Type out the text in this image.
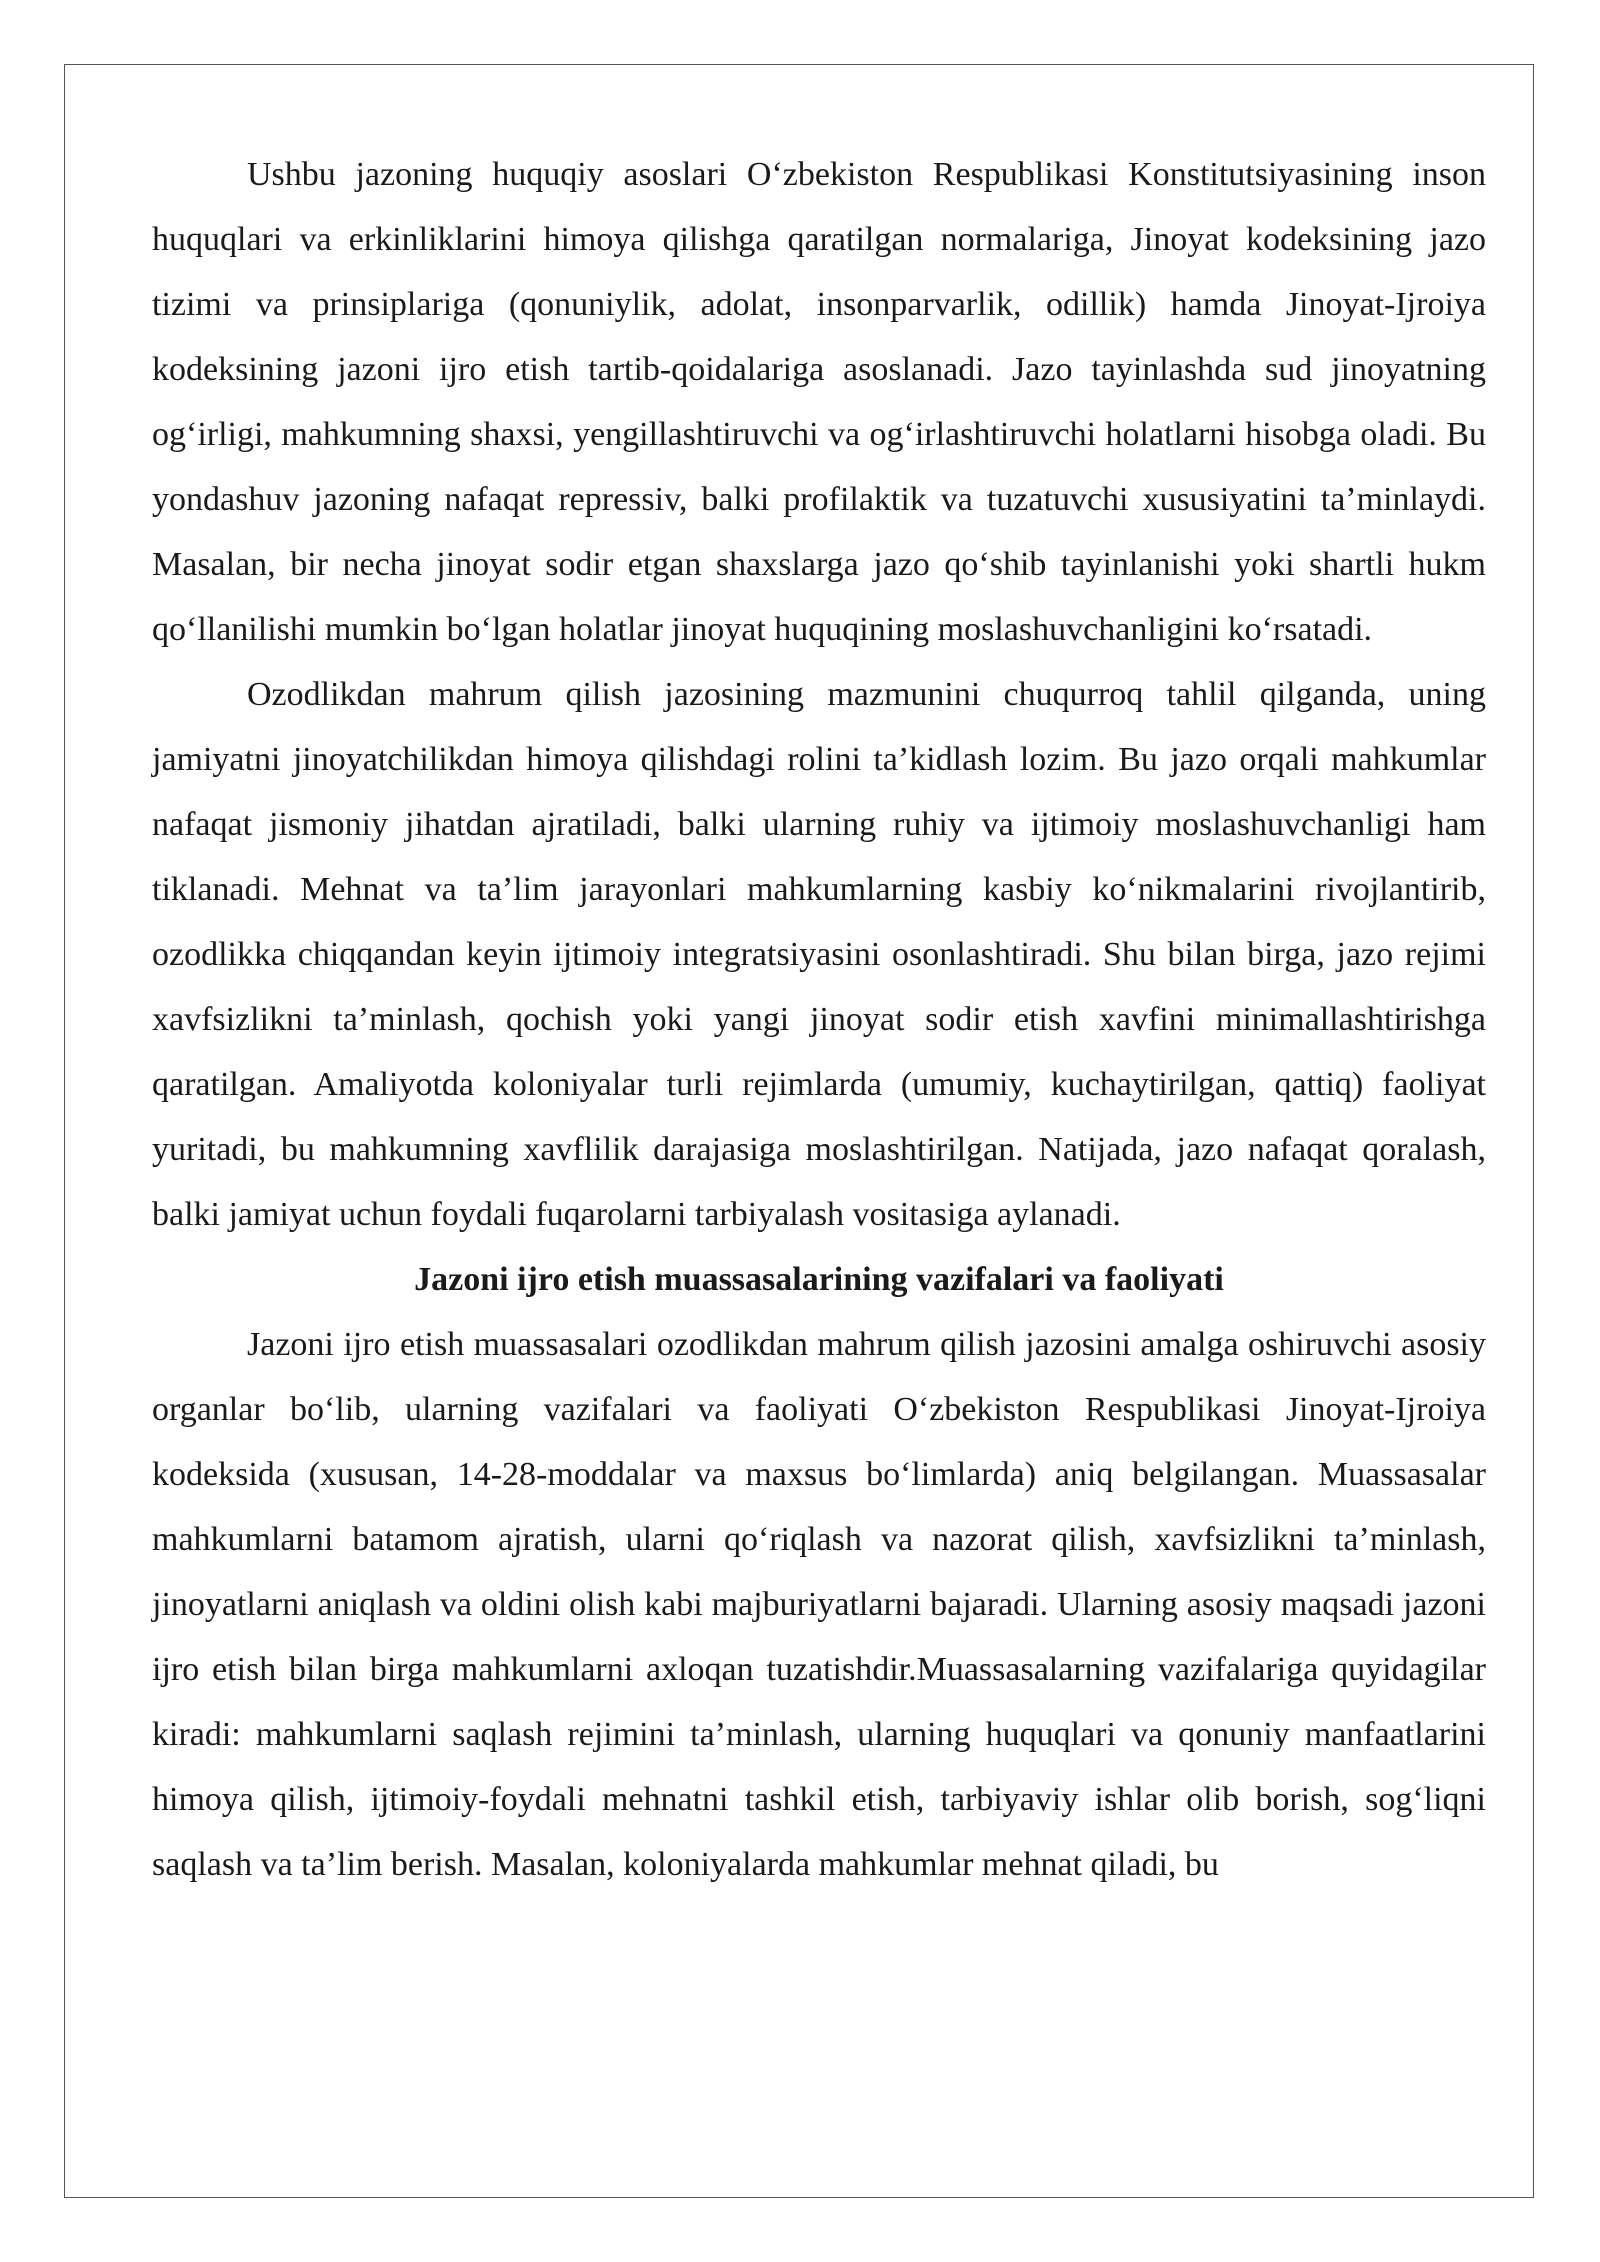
Ushbu jazoning huquqiy asoslari O‘zbekiston Respublikasi Konstitutsiyasining inson huquqlari va erkinliklarini himoya qilishga qaratilgan normalariga, Jinoyat kodeksining jazo tizimi va prinsiplariga (qonuniylik, adolat, insonparvarlik, odillik) hamda Jinoyat-Ijroiya kodeksining jazoni ijro etish tartib-qoidalariga asoslanadi. Jazo tayinlashda sud jinoyatning og‘irligi, mahkumning shaxsi, yengillashtiruvchi va og‘irlashtiruvchi holatlarni hisobga oladi. Bu yondashuv jazoning nafaqat repressiv, balki profilaktik va tuzatuvchi xususiyatini ta’minlaydi. Masalan, bir necha jinoyat sodir etgan shaxslarga jazo qo‘shib tayinlanishi yoki shartli hukm qo‘llanilishi mumkin bo‘lgan holatlar jinoyat huquqining moslashuvchanligini ko‘rsatadi.

Ozodlikdan mahrum qilish jazosining mazmunini chuqurroq tahlil qilganda, uning jamiyatni jinoyatchilikdan himoya qilishdagi rolini ta’kidlash lozim. Bu jazo orqali mahkumlar nafaqat jismoniy jihatdan ajratiladi, balki ularning ruhiy va ijtimoiy moslashuvchanligi ham tiklanadi. Mehnat va ta’lim jarayonlari mahkumlarning kasbiy ko‘nikmalarini rivojlantirib, ozodlikka chiqqandan keyin ijtimoiy integratsiyasini osonlashtiradi. Shu bilan birga, jazo rejimi xavfsizlikni ta’minlash, qochish yoki yangi jinoyat sodir etish xavfini minimallashtirishga qaratilgan. Amaliyotda koloniyalar turli rejimlarda (umumiy, kuchaytirilgan, qattiq) faoliyat yuritadi, bu mahkumning xavflilik darajasiga moslashtirilgan. Natijada, jazo nafaqat qoralash, balki jamiyat uchun foydali fuqarolarni tarbiyalash vositasiga aylanadi.

Jazoni ijro etish muassasalarining vazifalari va faoliyati

Jazoni ijro etish muassasalari ozodlikdan mahrum qilish jazosini amalga oshiruvchi asosiy organlar bo‘lib, ularning vazifalari va faoliyati O‘zbekiston Respublikasi Jinoyat-Ijroiya kodeksida (xususan, 14-28-moddalar va maxsus bo‘limlarda) aniq belgilangan. Muassasalar mahkumlarni batamom ajratish, ularni qo‘riqlash va nazorat qilish, xavfsizlikni ta’minlash, jinoyatlarni aniqlash va oldini olish kabi majburiyatlarni bajaradi. Ularning asosiy maqsadi jazoni ijro etish bilan birga mahkumlarni axloqan tuzatishdir.Muassasalarning vazifalariga quyidagilar kiradi: mahkumlarni saqlash rejimini ta’minlash, ularning huquqlari va qonuniy manfaatlarini himoya qilish, ijtimoiy-foydali mehnatni tashkil etish, tarbiyaviy ishlar olib borish, sog‘liqni saqlash va ta’lim berish. Masalan, koloniyalarda mahkumlar mehnat qiladi, bu
